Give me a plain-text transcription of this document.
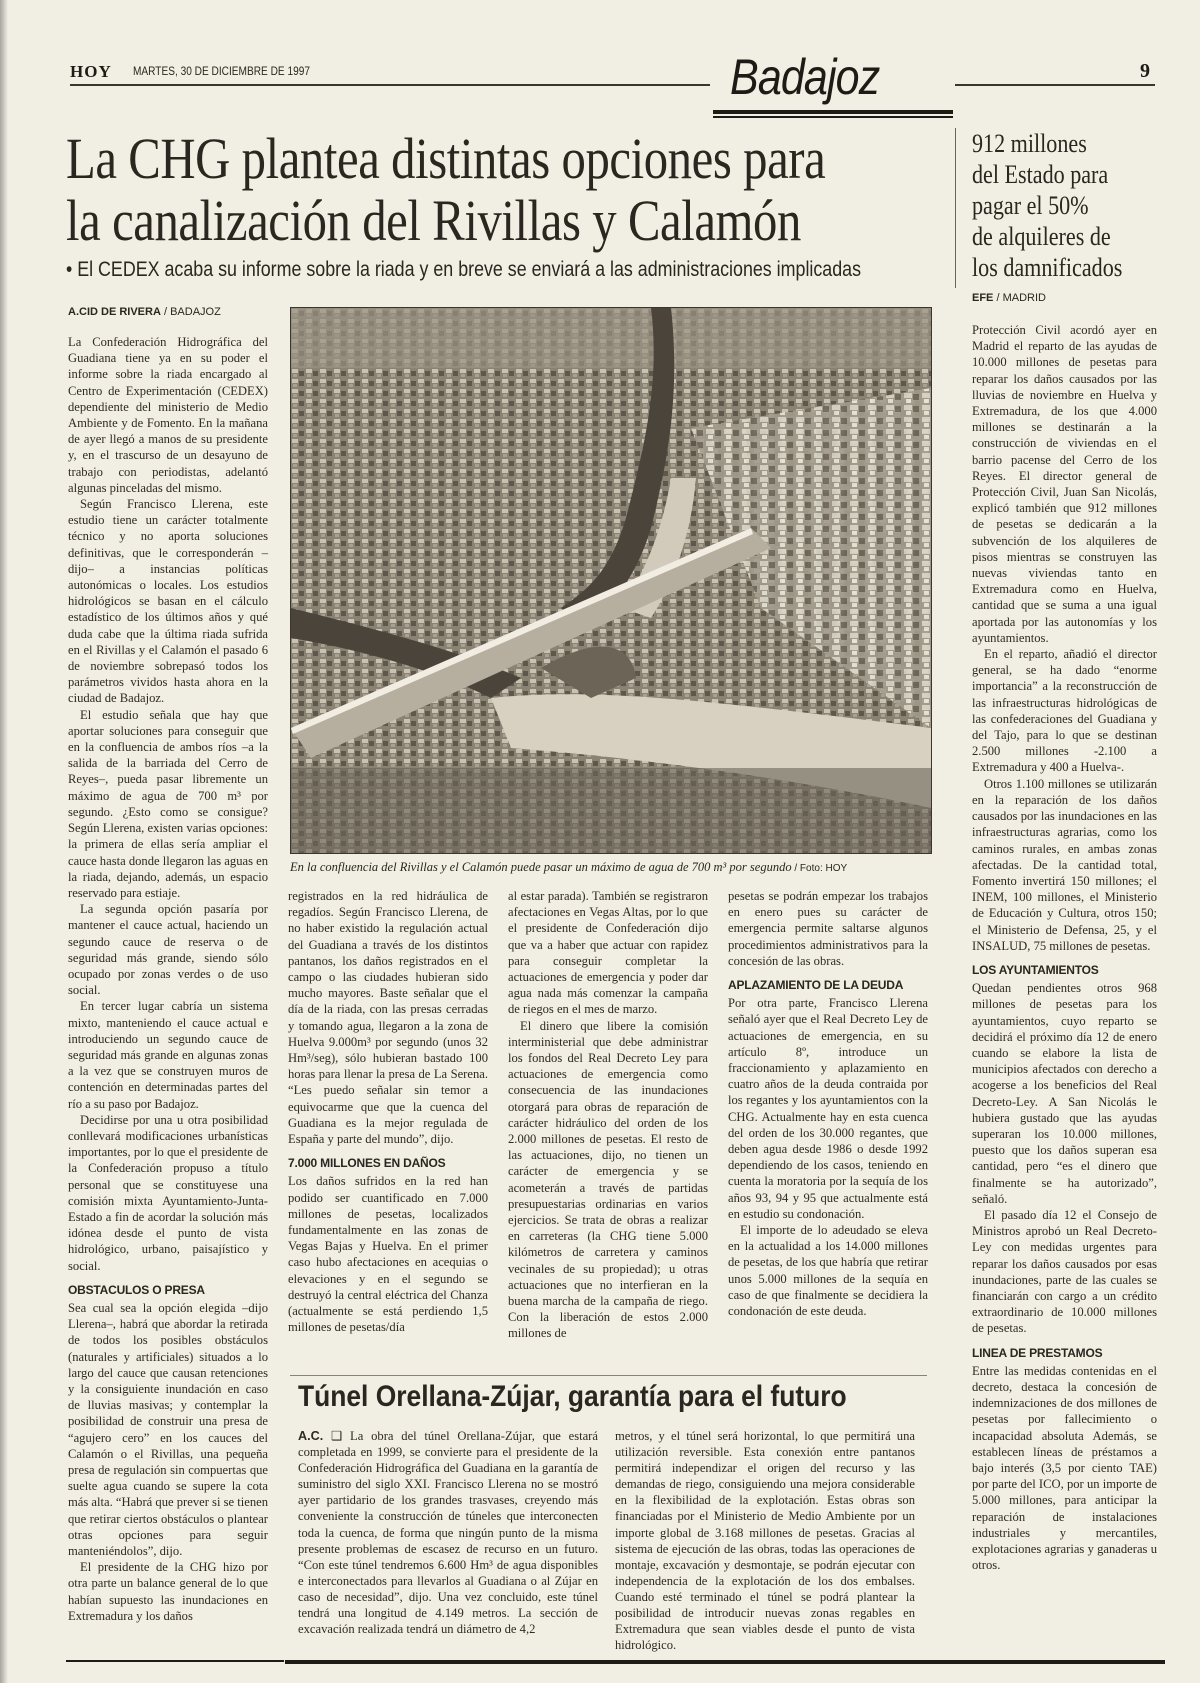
HOY MARTES, 30 DE DICIEMBRE DE 1997	Badajoz	9
La CHG plantea distintas opciones para
la canalización del Rivillas y Calamón
• El CEDEX acaba su informe sobre la riada y en breve se enviará a las administraciones implicadas
912 millones
del Estado para
pagar el 50%
de alquileres de
los damnificados
A.CID DE RIVERA / BADAJOZ

La Confederación Hidrográfica del Guadiana tiene ya en su poder el informe sobre la riada encargado al Centro de Experimentación (CEDEX) dependiente del ministerio de Medio Ambiente y de Fomento. En la mañana de ayer llegó a manos de su presidente y, en el trascurso de un desayuno de trabajo con periodistas, adelantó algunas pinceladas del mismo.

Según Francisco Llerena, este estudio tiene un carácter totalmente técnico y no aporta soluciones definitivas, que le corresponderán –dijo– a instancias políticas autonómicas o locales. Los estudios hidrológicos se basan en el cálculo estadístico de los últimos años y qué duda cabe que la última riada sufrida en el Rivillas y el Calamón el pasado 6 de noviembre sobrepasó todos los parámetros vividos hasta ahora en la ciudad de Badajoz.

El estudio señala que hay que aportar soluciones para conseguir que en la confluencia de ambos ríos –a la salida de la barriada del Cerro de Reyes–, pueda pasar libremente un máximo de agua de 700 m³ por segundo. ¿Esto como se consigue? Según Llerena, existen varias opciones: la primera de ellas sería ampliar el cauce hasta donde llegaron las aguas en la riada, dejando, además, un espacio reservado para estiaje.

La segunda opción pasaría por mantener el cauce actual, haciendo un segundo cauce de reserva o de seguridad más grande, siendo sólo ocupado por zonas verdes o de uso social.

En tercer lugar cabría un sistema mixto, manteniendo el cauce actual e introduciendo un segundo cauce de seguridad más grande en algunas zonas a la vez que se construyen muros de contención en determinadas partes del río a su paso por Badajoz.

Decidirse por una u otra posibilidad conllevará modificaciones urbanísticas importantes, por lo que el presidente de la Confederación propuso a título personal que se constituyese una comisión mixta Ayuntamiento-Junta-Estado a fin de acordar la solución más idónea desde el punto de vista hidrológico, urbano, paisajístico y social.

OBSTACULOS O PRESA

Sea cual sea la opción elegida –dijo Llerena–, habrá que abordar la retirada de todos los posibles obstáculos (naturales y artificiales) situados a lo largo del cauce que causan retenciones y la consiguiente inundación en caso de lluvias masivas; y contemplar la posibilidad de construir una presa de “agujero cero” en los cauces del Calamón o el Rivillas, una pequeña presa de regulación sin compuertas que suelte agua cuando se supere la cota más alta. “Habrá que prever si se tienen que retirar ciertos obstáculos o plantear otras opciones para seguir manteniéndolos”, dijo.

El presidente de la CHG hizo por otra parte un balance general de lo que habían supuesto las inundaciones en Extremadura y los daños

En la confluencia del Rivillas y el Calamón puede pasar un máximo de agua de 700 m³ por segundo / Foto: HOY

registrados en la red hidráulica de regadíos. Según Francisco Llerena, de no haber existido la regulación actual del Guadiana a través de los distintos pantanos, los daños registrados en el campo o las ciudades hubieran sido mucho mayores. Baste señalar que el día de la riada, con las presas cerradas y tomando agua, llegaron a la zona de Huelva 9.000m³ por segundo (unos 32 Hm³/seg), sólo hubieran bastado 100 horas para llenar la presa de La Serena. “Les puedo señalar sin temor a equivocarme que que la cuenca del Guadiana es la mejor regulada de España y parte del mundo”, dijo.

7.000 MILLONES EN DAÑOS

Los daños sufridos en la red han podido ser cuantificado en 7.000 millones de pesetas, localizados fundamentalmente en las zonas de Vegas Bajas y Huelva. En el primer caso hubo afectaciones en acequias o elevaciones y en el segundo se destruyó la central eléctrica del Chanza (actualmente se está perdiendo 1,5 millones de pesetas/día

al estar parada). También se registraron afectaciones en Vegas Altas, por lo que el presidente de Confederación dijo que va a haber que actuar con rapidez para conseguir completar la actuaciones de emergencia y poder dar agua nada más comenzar la campaña de riegos en el mes de marzo.

El dinero que libere la comisión interministerial que debe administrar los fondos del Real Decreto Ley para actuaciones de emergencia como consecuencia de las inundaciones otorgará para obras de reparación de carácter hidráulico del orden de los 2.000 millones de pesetas. El resto de las actuaciones, dijo, no tienen un carácter de emergencia y se acometerán a través de partidas presupuestarias ordinarias en varios ejercicios. Se trata de obras a realizar en carreteras (la CHG tiene 5.000 kilómetros de carretera y caminos vecinales de su propiedad); u otras actuaciones que no interfieran en la buena marcha de la campaña de riego. Con la liberación de estos 2.000 millones de

pesetas se podrán empezar los trabajos en enero pues su carácter de emergencia permite saltarse algunos procedimientos administrativos para la concesión de las obras.

APLAZAMIENTO DE LA DEUDA

Por otra parte, Francisco Llerena señaló ayer que el Real Decreto Ley de actuaciones de emergencia, en su artículo 8º, introduce un fraccionamiento y aplazamiento en cuatro años de la deuda contraida por los regantes y los ayuntamientos con la CHG. Actualmente hay en esta cuenca del orden de los 30.000 regantes, que deben agua desde 1986 o desde 1992 dependiendo de los casos, teniendo en cuenta la moratoria por la sequía de los años 93, 94 y 95 que actualmente está en estudio su condonación.

El importe de lo adeudado se eleva en la actualidad a los 14.000 millones de pesetas, de los que habría que retirar unos 5.000 millones de la sequía en caso de que finalmente se decidiera la condonación de este deuda.

Túnel Orellana-Zújar, garantía para el futuro
A.C. ❑ La obra del túnel Orellana-Zújar, que estará completada en 1999, se convierte para el presidente de la Confederación Hidrográfica del Guadiana en la garantía de suministro del siglo XXI. Francisco Llerena no se mostró ayer partidario de los grandes trasvases, creyendo más conveniente la construcción de túneles que interconecten toda la cuenca, de forma que ningún punto de la misma presente problemas de escasez de recurso en un futuro. “Con este túnel tendremos 6.600 Hm³ de agua disponibles e interconectados para llevarlos al Guadiana o al Zújar en caso de necesidad”, dijo. Una vez concluido, este túnel tendrá una longitud de 4.149 metros. La sección de excavación realizada tendrá un diámetro de 4,2
metros, y el túnel será horizontal, lo que permitirá una utilización reversible. Esta conexión entre pantanos permitirá independizar el origen del recurso y las demandas de riego, consiguiendo una mejora considerable en la flexibilidad de la explotación. Estas obras son financiadas por el Ministerio de Medio Ambiente por un importe global de 3.168 millones de pesetas. Gracias al sistema de ejecución de las obras, todas las operaciones de montaje, excavación y desmontaje, se podrán ejecutar con independencia de la explotación de los dos embalses. Cuando esté terminado el túnel se podrá plantear la posibilidad de introducir nuevas zonas regables en Extremadura que sean viables desde el punto de vista hidrológico.
EFE / MADRID

Protección Civil acordó ayer en Madrid el reparto de las ayudas de 10.000 millones de pesetas para reparar los daños causados por las lluvias de noviembre en Huelva y Extremadura, de los que 4.000 millones se destinarán a la construcción de viviendas en el barrio pacense del Cerro de los Reyes. El director general de Protección Civil, Juan San Nicolás, explicó también que 912 millones de pesetas se dedicarán a la subvención de los alquileres de pisos mientras se construyen las nuevas viviendas tanto en Extremadura como en Huelva, cantidad que se suma a una igual aportada por las autonomías y los ayuntamientos.

En el reparto, añadió el director general, se ha dado “enorme importancia” a la reconstrucción de las infraestructuras hidrológicas de las confederaciones del Guadiana y del Tajo, para lo que se destinan 2.500 millones -2.100 a Extremadura y 400 a Huelva-.

Otros 1.100 millones se utilizarán en la reparación de los daños causados por las inundaciones en las infraestructuras agrarias, como los caminos rurales, en ambas zonas afectadas. De la cantidad total, Fomento invertirá 150 millones; el INEM, 100 millones, el Ministerio de Educación y Cultura, otros 150; el Ministerio de Defensa, 25, y el INSALUD, 75 millones de pesetas.

LOS AYUNTAMIENTOS

Quedan pendientes otros 968 millones de pesetas para los ayuntamientos, cuyo reparto se decidirá el próximo día 12 de enero cuando se elabore la lista de municipios afectados con derecho a acogerse a los beneficios del Real Decreto-Ley. A San Nicolás le hubiera gustado que las ayudas superaran los 10.000 millones, puesto que los daños superan esa cantidad, pero “es el dinero que finalmente se ha autorizado”, señaló.

El pasado día 12 el Consejo de Ministros aprobó un Real Decreto-Ley con medidas urgentes para reparar los daños causados por esas inundaciones, parte de las cuales se financiarán con cargo a un crédito extraordinario de 10.000 millones de pesetas.

LINEA DE PRESTAMOS

Entre las medidas contenidas en el decreto, destaca la concesión de indemnizaciones de dos millones de pesetas por fallecimiento o incapacidad absoluta Además, se establecen líneas de préstamos a bajo interés (3,5 por ciento TAE) por parte del ICO, por un importe de 5.000 millones, para anticipar la reparación de instalaciones industriales y mercantiles, explotaciones agrarias y ganaderas u otros.
